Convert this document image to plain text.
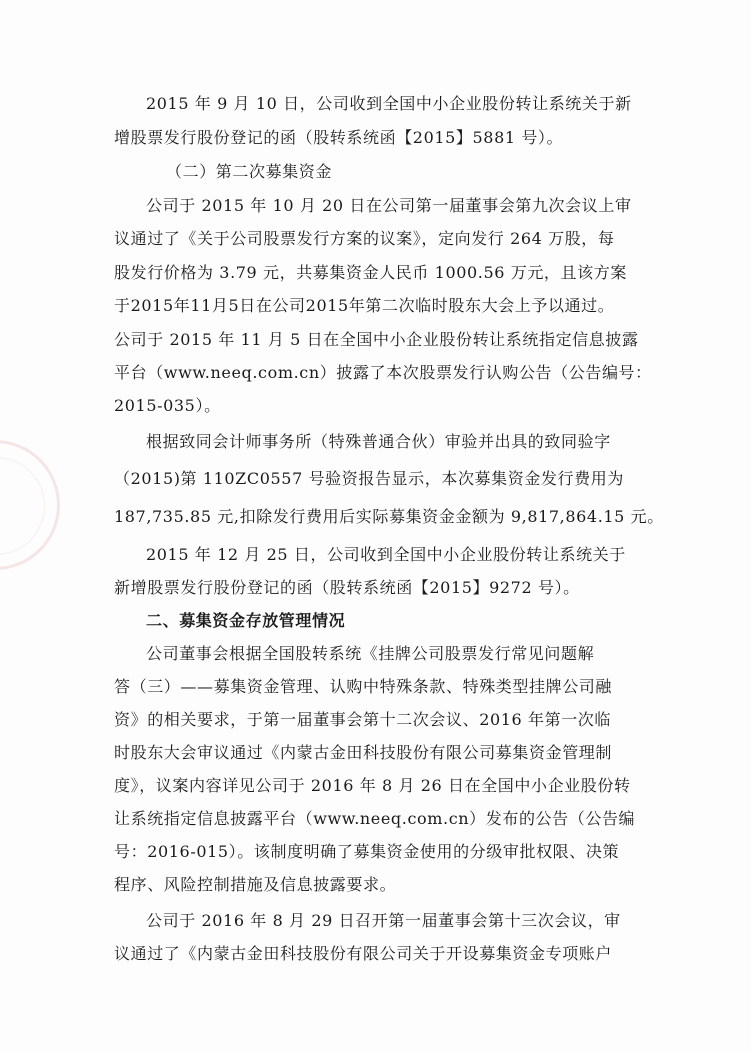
2015 年 9 月 10 日，公司收到全国中小企业股份转让系统关于新
增股票发行股份登记的函（股转系统函【2015】5881 号）。
（二）第二次募集资金
公司于 2015 年 10 月 20 日在公司第一届董事会第九次会议上审
议通过了《关于公司股票发行方案的议案》，定向发行 264 万股，每
股发行价格为 3.79 元，共募集资金人民币 1000.56 万元，且该方案
于2015年11月5日在公司2015年第二次临时股东大会上予以通过。
公司于 2015 年 11 月 5 日在全国中小企业股份转让系统指定信息披露
平台（www.neeq.com.cn）披露了本次股票发行认购公告（公告编号：
2015-035）。
根据致同会计师事务所（特殊普通合伙）审验并出具的致同验字
（2015)第 110ZC0557 号验资报告显示，本次募集资金发行费用为
187,735.85 元,扣除发行费用后实际募集资金金额为 9,817,864.15 元。
2015 年 12 月 25 日，公司收到全国中小企业股份转让系统关于
新增股票发行股份登记的函（股转系统函【2015】9272 号）。
二、募集资金存放管理情况
公司董事会根据全国股转系统《挂牌公司股票发行常见问题解
答（三）——募集资金管理、认购中特殊条款、特殊类型挂牌公司融
资》的相关要求，于第一届董事会第十二次会议、2016 年第一次临
时股东大会审议通过《内蒙古金田科技股份有限公司募集资金管理制
度》，议案内容详见公司于 2016 年 8 月 26 日在全国中小企业股份转
让系统指定信息披露平台（www.neeq.com.cn）发布的公告（公告编
号：2016-015）。该制度明确了募集资金使用的分级审批权限、决策
程序、风险控制措施及信息披露要求。
公司于 2016 年 8 月 29 日召开第一届董事会第十三次会议，审
议通过了《内蒙古金田科技股份有限公司关于开设募集资金专项账户
